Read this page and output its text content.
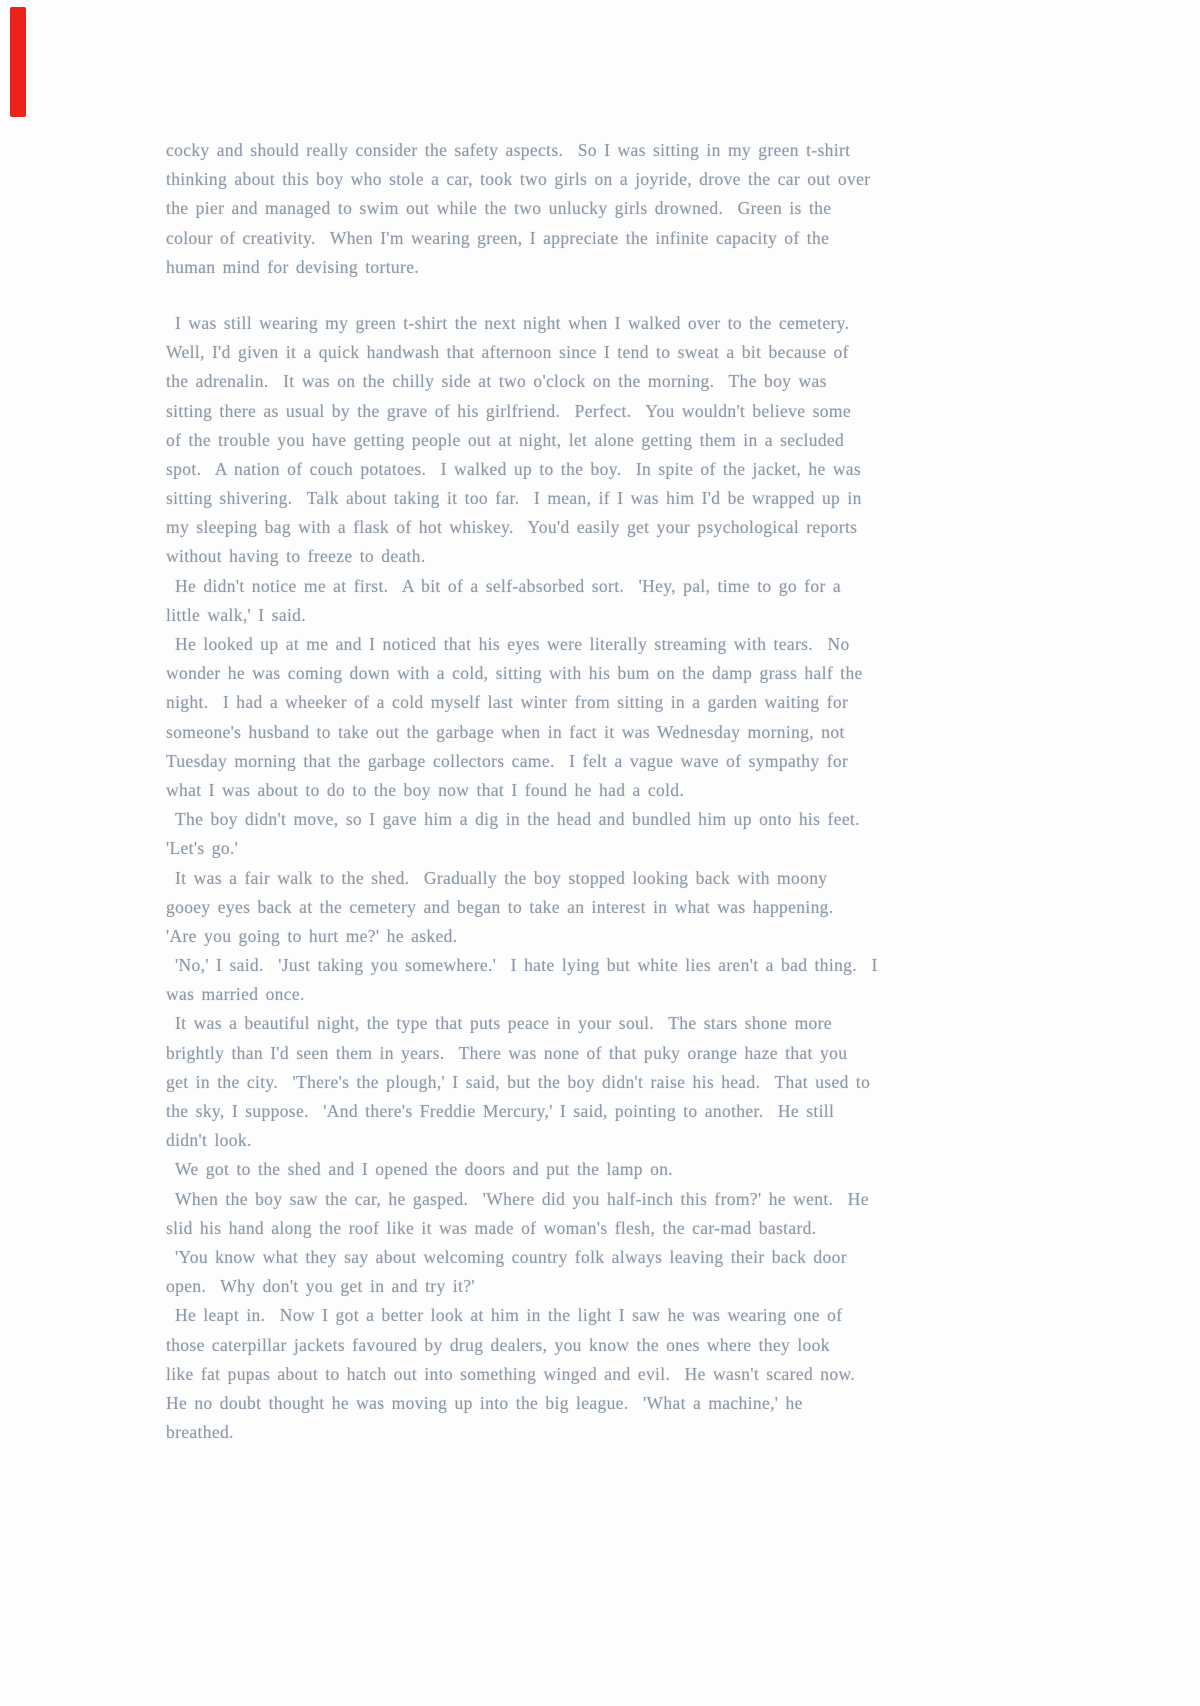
cocky and should really consider the safety aspects.  So I was sitting in my green t-shirt
thinking about this boy who stole a car, took two girls on a joyride, drove the car out over
the pier and managed to swim out while the two unlucky girls drowned.  Green is the
colour of creativity.  When I'm wearing green, I appreciate the infinite capacity of the
human mind for devising torture.
I was still wearing my green t-shirt the next night when I walked over to the cemetery.
Well, I'd given it a quick handwash that afternoon since I tend to sweat a bit because of
the adrenalin.  It was on the chilly side at two o'clock on the morning.  The boy was
sitting there as usual by the grave of his girlfriend.  Perfect.  You wouldn't believe some
of the trouble you have getting people out at night, let alone getting them in a secluded
spot.  A nation of couch potatoes.  I walked up to the boy.  In spite of the jacket, he was
sitting shivering.  Talk about taking it too far.  I mean, if I was him I'd be wrapped up in
my sleeping bag with a flask of hot whiskey.  You'd easily get your psychological reports
without having to freeze to death.
He didn't notice me at first.  A bit of a self-absorbed sort.  'Hey, pal, time to go for a
little walk,' I said.
He looked up at me and I noticed that his eyes were literally streaming with tears.  No
wonder he was coming down with a cold, sitting with his bum on the damp grass half the
night.  I had a wheeker of a cold myself last winter from sitting in a garden waiting for
someone's husband to take out the garbage when in fact it was Wednesday morning, not
Tuesday morning that the garbage collectors came.  I felt a vague wave of sympathy for
what I was about to do to the boy now that I found he had a cold.
The boy didn't move, so I gave him a dig in the head and bundled him up onto his feet.
'Let's go.'
It was a fair walk to the shed.  Gradually the boy stopped looking back with moony
gooey eyes back at the cemetery and began to take an interest in what was happening.
'Are you going to hurt me?' he asked.
'No,' I said.  'Just taking you somewhere.'  I hate lying but white lies aren't a bad thing.  I
was married once.
It was a beautiful night, the type that puts peace in your soul.  The stars shone more
brightly than I'd seen them in years.  There was none of that puky orange haze that you
get in the city.  'There's the plough,' I said, but the boy didn't raise his head.  That used to
the sky, I suppose.  'And there's Freddie Mercury,' I said, pointing to another.  He still
didn't look.
We got to the shed and I opened the doors and put the lamp on.
When the boy saw the car, he gasped.  'Where did you half-inch this from?' he went.  He
slid his hand along the roof like it was made of woman's flesh, the car-mad bastard.
'You know what they say about welcoming country folk always leaving their back door
open.  Why don't you get in and try it?'
He leapt in.  Now I got a better look at him in the light I saw he was wearing one of
those caterpillar jackets favoured by drug dealers, you know the ones where they look
like fat pupas about to hatch out into something winged and evil.  He wasn't scared now.
He no doubt thought he was moving up into the big league.  'What a machine,' he
breathed.
